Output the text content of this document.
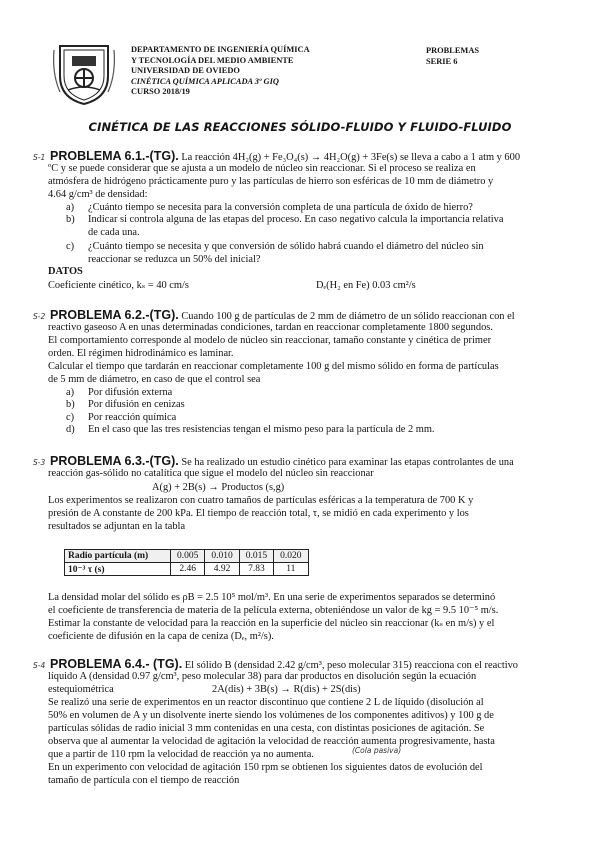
DEPARTAMENTO DE INGENIERÍA QUÍMICA
Y TECNOLOGÍA DEL MEDIO AMBIENTE
UNIVERSIDAD DE OVIEDO
CINÉTICA QUÍMICA APLICADA 3º GIQ
CURSO 2018/19
PROBLEMAS
SERIE 6
CINÉTICA DE LAS REACCIONES SÓLIDO-FLUIDO Y FLUIDO-FLUIDO
S-1 PROBLEMA 6.1.-(TG). La reacción 4H₂(g) + Fe₃O₄(s) → 4H₂O(g) + 3Fe(s) se lleva a cabo a 1 atm y 600
ºC y se puede considerar que se ajusta a un modelo de núcleo sin reaccionar. Si el proceso se realiza en
atmósfera de hidrógeno prácticamente puro y las partículas de hierro son esféricas de 10 mm de diámetro y
4.64 g/cm³ de densidad:
a) ¿Cuánto tiempo se necesita para la conversión completa de una partícula de óxido de hierro?
b) Indicar si controla alguna de las etapas del proceso. En caso negativo calcula la importancia relativa
de cada una.
c) ¿Cuánto tiempo se necesita y que conversión de sólido habrá cuando el diámetro del núcleo sin
reaccionar se reduzca un 50% del inicial?
DATOS
Coeficiente cinético, kₛ = 40 cm/s	Dₑ(H₂ en Fe) 0.03 cm²/s
S-2 PROBLEMA 6.2.-(TG). Cuando 100 g de partículas de 2 mm de diámetro de un sólido reaccionan con el
reactivo gaseoso A en unas determinadas condiciones, tardan en reaccionar completamente 1800 segundos.
El comportamiento corresponde al modelo de núcleo sin reaccionar, tamaño constante y cinética de primer
orden. El régimen hidrodinámico es laminar.
Calcular el tiempo que tardarán en reaccionar completamente 100 g del mismo sólido en forma de partículas
de 5 mm de diámetro, en caso de que el control sea
a) Por difusión externa
b) Por difusión en cenizas
c) Por reacción química
d) En el caso que las tres resistencias tengan el mismo peso para la partícula de 2 mm.
S-3 PROBLEMA 6.3.-(TG). Se ha realizado un estudio cinético para examinar las etapas controlantes de una
reacción gas-sólido no catalítica que sigue el modelo del núcleo sin reaccionar
A(g) + 2B(s) → Productos (s,g)
Los experimentos se realizaron con cuatro tamaños de partículas esféricas a la temperatura de 700 K y
presión de A constante de 200 kPa. El tiempo de reacción total, τ, se midió en cada experimento y los
resultados se adjuntan en la tabla
Radio partícula (m)	0.005	0.010	0.015	0.020
10⁻³ τ (s)	2.46	4.92	7.83	11
La densidad molar del sólido es ρB = 2.5 10⁵ mol/m³. En una serie de experimentos separados se determinó
el coeficiente de transferencia de materia de la película externa, obteniéndose un valor de kg = 9.5 10⁻⁵ m/s.
Estimar la constante de velocidad para la reacción en la superficie del núcleo sin reaccionar (kₛ en m/s) y el
coeficiente de difusión en la capa de ceniza (Dₑ, m²/s).
S-4 PROBLEMA 6.4.- (TG). El sólido B (densidad 2.42 g/cm³, peso molecular 315) reacciona con el reactivo
líquido A (densidad 0.97 g/cm³, peso molecular 38) para dar productos en disolución según la ecuación
estequiométrica	2A(dis) + 3B(s) → R(dis) + 2S(dis)
Se realizó una serie de experimentos en un reactor discontinuo que contiene 2 L de líquido (disolución al
50% en volumen de A y un disolvente inerte siendo los volúmenes de los componentes aditivos) y 100 g de
partículas sólidas de radio inicial 3 mm contenidas en una cesta, con distintas posiciones de agitación. Se
observa que al aumentar la velocidad de agitación la velocidad de reacción aumenta progresivamente, hasta
que a partir de 110 rpm la velocidad de reacción ya no aumenta.	(Cola pasiva)
En un experimento con velocidad de agitación 150 rpm se obtienen los siguientes datos de evolución del
tamaño de partícula con el tiempo de reacción
